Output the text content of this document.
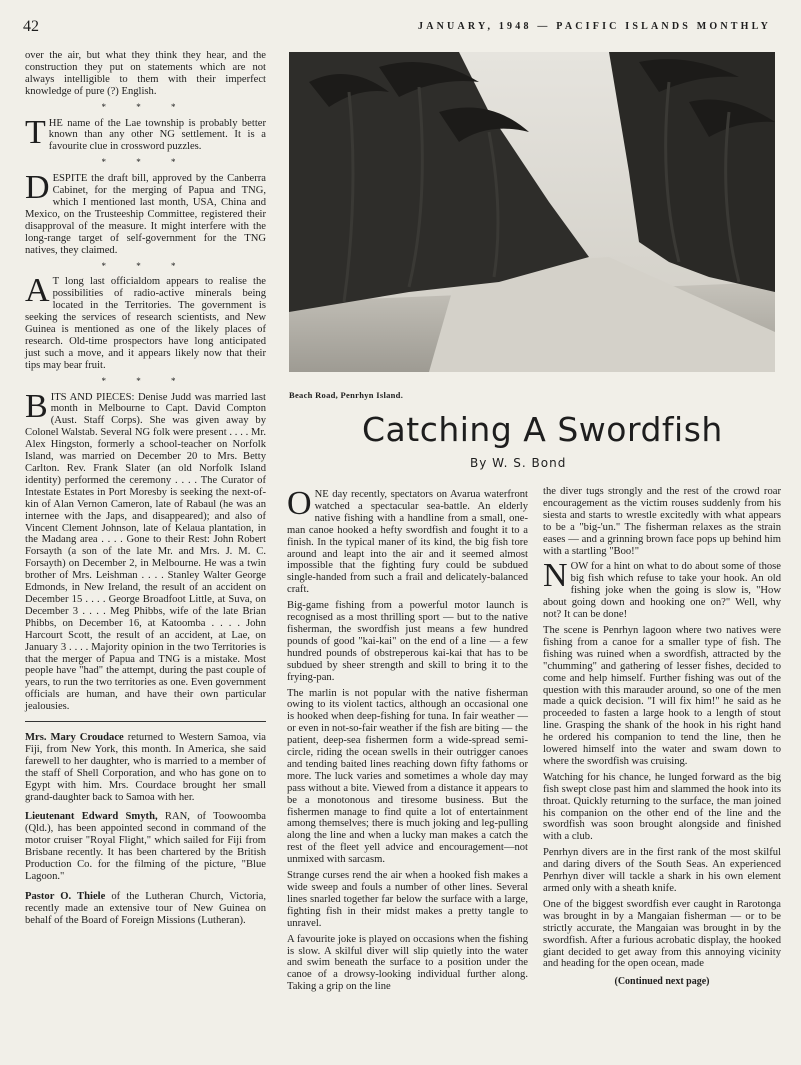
42	JANUARY, 1948 — PACIFIC ISLANDS MONTHLY

over the air, but what they think they hear, and the construction they put on statements which are not always intelligible to them with their imperfect knowledge of pure (?) English.

* * *

THE name of the Lae township is probably better known than any other NG settlement. It is a favourite clue in crossword puzzles.

* * *

DESPITE the draft bill, approved by the Canberra Cabinet, for the merging of Papua and TNG, which I mentioned last month, USA, China and Mexico, on the Trusteeship Committee, registered their disapproval of the measure. It might interfere with the long-range target of self-government for the TNG natives, they claimed.

* * *

A T long last officialdom appears to realise the possibilities of radio-active minerals being located in the Territories. The government is seeking the services of research scientists, and New Guinea is mentioned as one of the likely places of research. Old-time prospectors have long anticipated just such a move, and it appears likely now that their tips may bear fruit.

* * *

BITS AND PIECES: Denise Judd was married last month in Melbourne to Capt. David Compton (Aust. Staff Corps). She was given away by Colonel Walstab. Several NG folk were present . . . . Mr. Alex Hingston, formerly a school-teacher on Norfolk Island, was married on December 20 to Mrs. Betty Carlton. Rev. Frank Slater (an old Norfolk Island identity) performed the ceremony . . . . The Curator of Intestate Estates in Port Moresby is seeking the next-of-kin of Alan Vernon Cameron, late of Rabaul (he was an internee with the Japs, and disappeared); and also of Vincent Clement Johnson, late of Kelaua plantation, in the Madang area . . . . Gone to their Rest: John Robert Forsayth (a son of the late Mr. and Mrs. J. M. C. Forsayth) on December 2, in Melbourne. He was a twin brother of Mrs. Leishman . . . . Stanley Walter George Edmonds, in New Ireland, the result of an accident on December 15 . . . . George Broadfoot Little, at Suva, on December 3 . . . . Meg Phibbs, wife of the late Brian Phibbs, on December 16, at Katoomba . . . . John Harcourt Scott, the result of an accident, at Lae, on January 3 . . . . Majority opinion in the two Territories is that the merger of Papua and TNG is a mistake. Most people have "had" the attempt, during the past couple of years, to run the two territories as one. Even government officials are human, and have their own particular jealousies.

Mrs. Mary Croudace returned to Western Samoa, via Fiji, from New York, this month. In America, she said farewell to her daughter, who is married to a member of the staff of Shell Corporation, and who has gone on to Egypt with him. Mrs. Courdace brought her small grand-daughter back to Samoa with her.

Lieutenant Edward Smyth, RAN, of Toowoomba (Qld.), has been appointed second in command of the motor cruiser "Royal Flight," which sailed for Fiji from Brisbane recently. It has been chartered by the British Production Co. for the filming of the picture, "Blue Lagoon."

Pastor O. Thiele of the Lutheran Church, Victoria, recently made an extensive tour of New Guinea on behalf of the Board of Foreign Missions (Lutheran).

Beach Road, Penrhyn Island.
Catching A Swordfish
By W. S. Bond

ONE day recently, spectators on Avarua waterfront watched a spectacular sea-battle. An elderly native fishing with a handline from a small, one-man canoe hooked a hefty swordfish and fought it to a finish. In the typical maner of its kind, the big fish tore around and leapt into the air and it seemed almost impossible that the fighting fury could be subdued single-handed from such a frail and delicately-balanced craft.

Big-game fishing from a powerful motor launch is recognised as a most thrilling sport — but to the native fisherman, the swordfish just means a few hundred pounds of good "kai-kai" on the end of a line — a few hundred pounds of obstreperous kai-kai that has to be subdued by sheer strength and skill to bring it to the frying-pan.

The marlin is not popular with the native fisherman owing to its violent tactics, although an occasional one is hooked when deep-fishing for tuna. In fair weather — or even in not-so-fair weather if the fish are biting — the patient, deep-sea fishermen form a wide-spread semi-circle, riding the ocean swells in their outrigger canoes and tending baited lines reaching down fifty fathoms or more. The luck varies and sometimes a whole day may pass without a bite. Viewed from a distance it appears to be a monotonous and tiresome business. But the fishermen manage to find quite a lot of entertainment among themselves; there is much joking and leg-pulling along the line and when a lucky man makes a catch the rest of the fleet yell advice and encouragement—not unmixed with sarcasm.

Strange curses rend the air when a hooked fish makes a wide sweep and fouls a number of other lines. Several lines snarled together far below the surface with a large, fighting fish in their midst makes a pretty tangle to unravel.

A favourite joke is played on occasions when the fishing is slow. A skilful diver will slip quietly into the water and swim beneath the surface to a position under the canoe of a drowsy-looking individual further along. Taking a grip on the line

the diver tugs strongly and the rest of the crowd roar encouragement as the victim rouses suddenly from his siesta and starts to wrestle excitedly with what appears to be a "big-'un." The fisherman relaxes as the strain eases — and a grinning brown face pops up behind him with a startling "Boo!"

NOW for a hint on what to do about some of those big fish which refuse to take your hook. An old fishing joke when the going is slow is, "How about going down and hooking one on?" Well, why not? It can be done!

The scene is Penrhyn lagoon where two natives were fishing from a canoe for a smaller type of fish. The fishing was ruined when a swordfish, attracted by the "chumming" and gathering of lesser fishes, decided to come and help himself. Further fishing was out of the question with this marauder around, so one of the men made a quick decision. "I will fix him!" he said as he proceeded to fasten a large hook to a length of stout line. Grasping the shank of the hook in his right hand he ordered his companion to tend the line, then he lowered himself into the water and swam down to where the swordfish was cruising.

Watching for his chance, he lunged forward as the big fish swept close past him and slammed the hook into its throat. Quickly returning to the surface, the man joined his companion on the other end of the line and the swordfish was soon brought alongside and finished with a club.

Penrhyn divers are in the first rank of the most skilful and daring divers of the South Seas. An experienced Penrhyn diver will tackle a shark in his own element armed only with a sheath knife.

One of the biggest swordfish ever caught in Rarotonga was brought in by a Mangaian fisherman — or to be strictly accurate, the Mangaian was brought in by the swordfish. After a furious acrobatic display, the hooked giant decided to get away from this annoying vicinity and heading for the open ocean, made

(Continued next page)
